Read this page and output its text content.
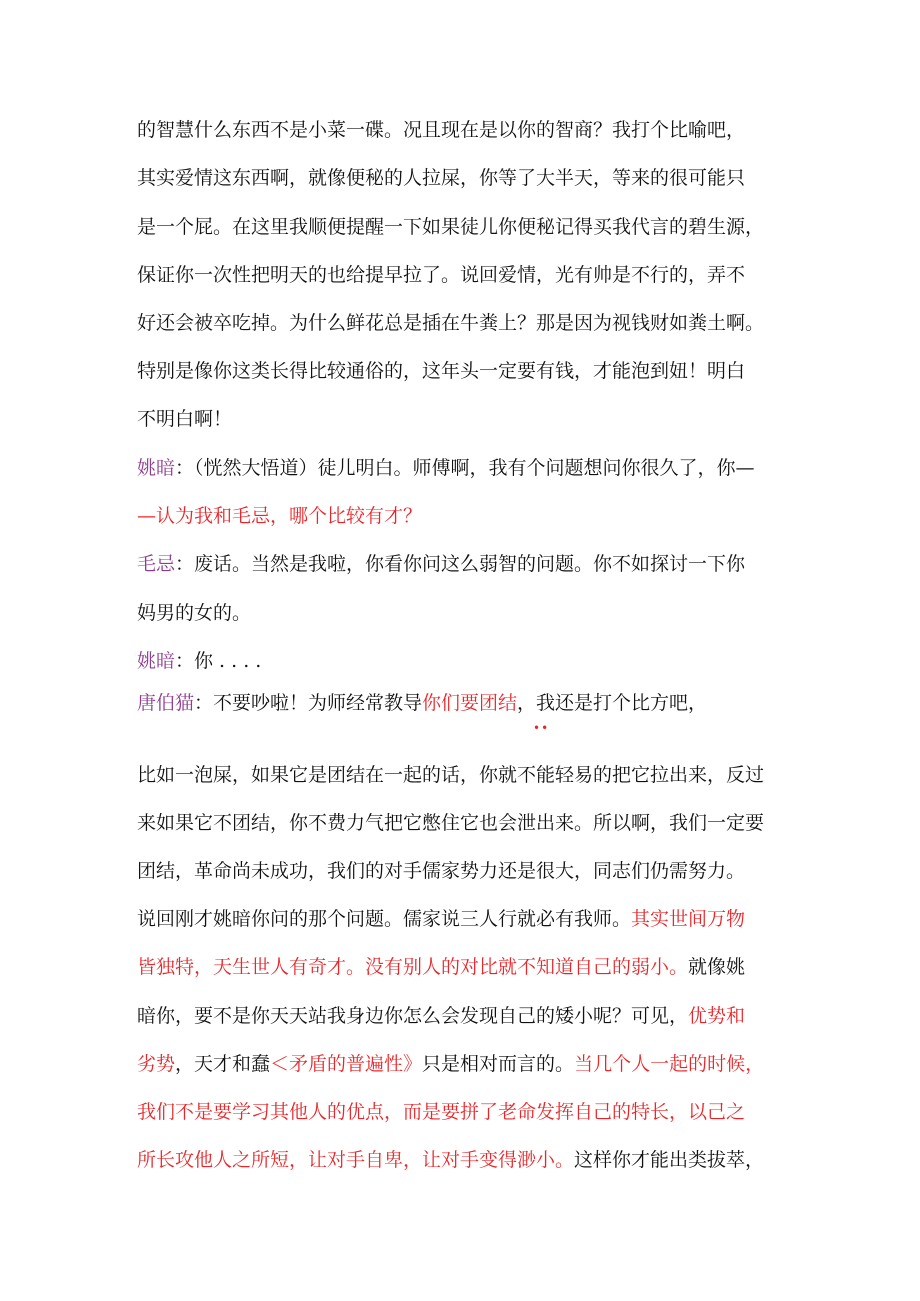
的智慧什么东西不是小菜一碟。况且现在是以你的智商？我打个比喻吧，
其实爱情这东西啊，就像便秘的人拉屎，你等了大半天，等来的很可能只
是一个屁。在这里我顺便提醒一下如果徒儿你便秘记得买我代言的碧生源，
保证你一次性把明天的也给提早拉了。说回爱情，光有帅是不行的，弄不
好还会被卒吃掉。为什么鲜花总是插在牛粪上？那是因为视钱财如粪土啊。
特别是像你这类长得比较通俗的，这年头一定要有钱，才能泡到妞！明白
不明白啊！
姚暗：（恍然大悟道）徒儿明白。师傅啊，我有个问题想问你很久了，你—
—认为我和毛忌，哪个比较有才？
毛忌：废话。当然是我啦，你看你问这么弱智的问题。你不如探讨一下你
妈男的女的。
姚暗：你 . . . .
唐伯猫：不要吵啦！为师经常教导你们要团结，我还是打个比方吧，
••
比如一泡屎，如果它是团结在一起的话，你就不能轻易的把它拉出来，反过
来如果它不团结，你不费力气把它憋住它也会泄出来。所以啊，我们一定要
团结，革命尚未成功，我们的对手儒家势力还是很大，同志们仍需努力。
说回刚才姚暗你问的那个问题。儒家说三人行就必有我师。其实世间万物
皆独特，天生世人有奇才。没有别人的对比就不知道自己的弱小。就像姚
暗你，要不是你天天站我身边你怎么会发现自己的矮小呢？可见，优势和
劣势，天才和蠢＜矛盾的普遍性》只是相对而言的。当几个人一起的时候，
我们不是要学习其他人的优点，而是要拼了老命发挥自己的特长，以己之
所长攻他人之所短，让对手自卑，让对手变得渺小。这样你才能出类拔萃，
